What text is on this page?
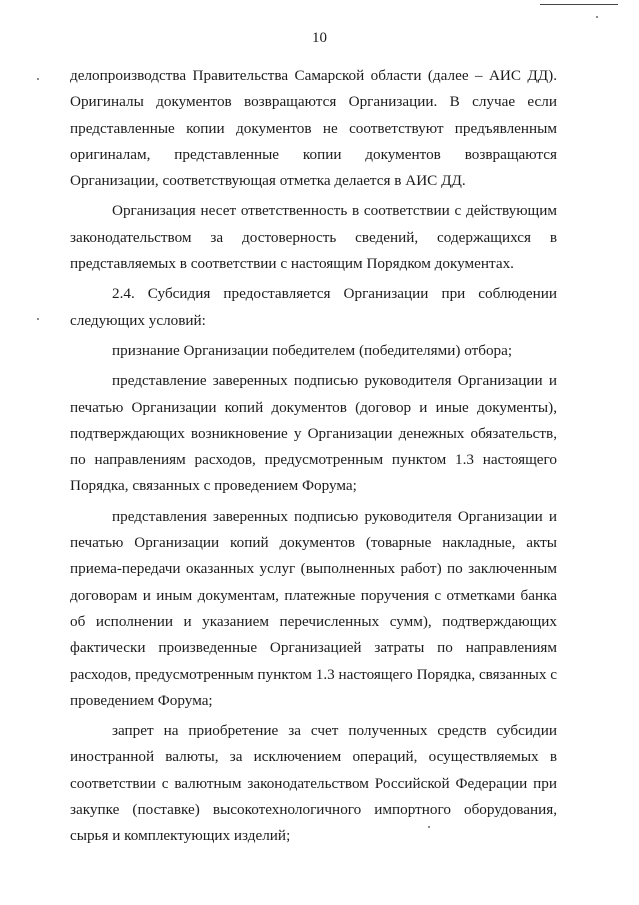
10

делопроизводства Правительства Самарской области (далее – АИС ДД). Оригиналы документов возвращаются Организации. В случае если представленные копии документов не соответствуют предъявленным оригиналам, представленные копии документов возвращаются Организации, соответствующая отметка делается в АИС ДД.

Организация несет ответственность в соответствии с действующим законодательством за достоверность сведений, содержащихся в представляемых в соответствии с настоящим Порядком документах.

2.4. Субсидия предоставляется Организации при соблюдении следующих условий:

признание Организации победителем (победителями) отбора;

представление заверенных подписью руководителя Организации и печатью Организации копий документов (договор и иные документы), подтверждающих возникновение у Организации денежных обязательств, по направлениям расходов, предусмотренным пунктом 1.3 настоящего Порядка, связанных с проведением Форума;

представления заверенных подписью руководителя Организации и печатью Организации копий документов (товарные накладные, акты приема-передачи оказанных услуг (выполненных работ) по заключенным договорам и иным документам, платежные поручения с отметками банка об исполнении и указанием перечисленных сумм), подтверждающих фактически произведенные Организацией затраты по направлениям расходов, предусмотренным пунктом 1.3 настоящего Порядка, связанных с проведением Форума;

запрет на приобретение за счет полученных средств субсидии иностранной валюты, за исключением операций, осуществляемых в соответствии с валютным законодательством Российской Федерации при закупке (поставке) высокотехнологичного импортного оборудования, сырья и комплектующих изделий;
